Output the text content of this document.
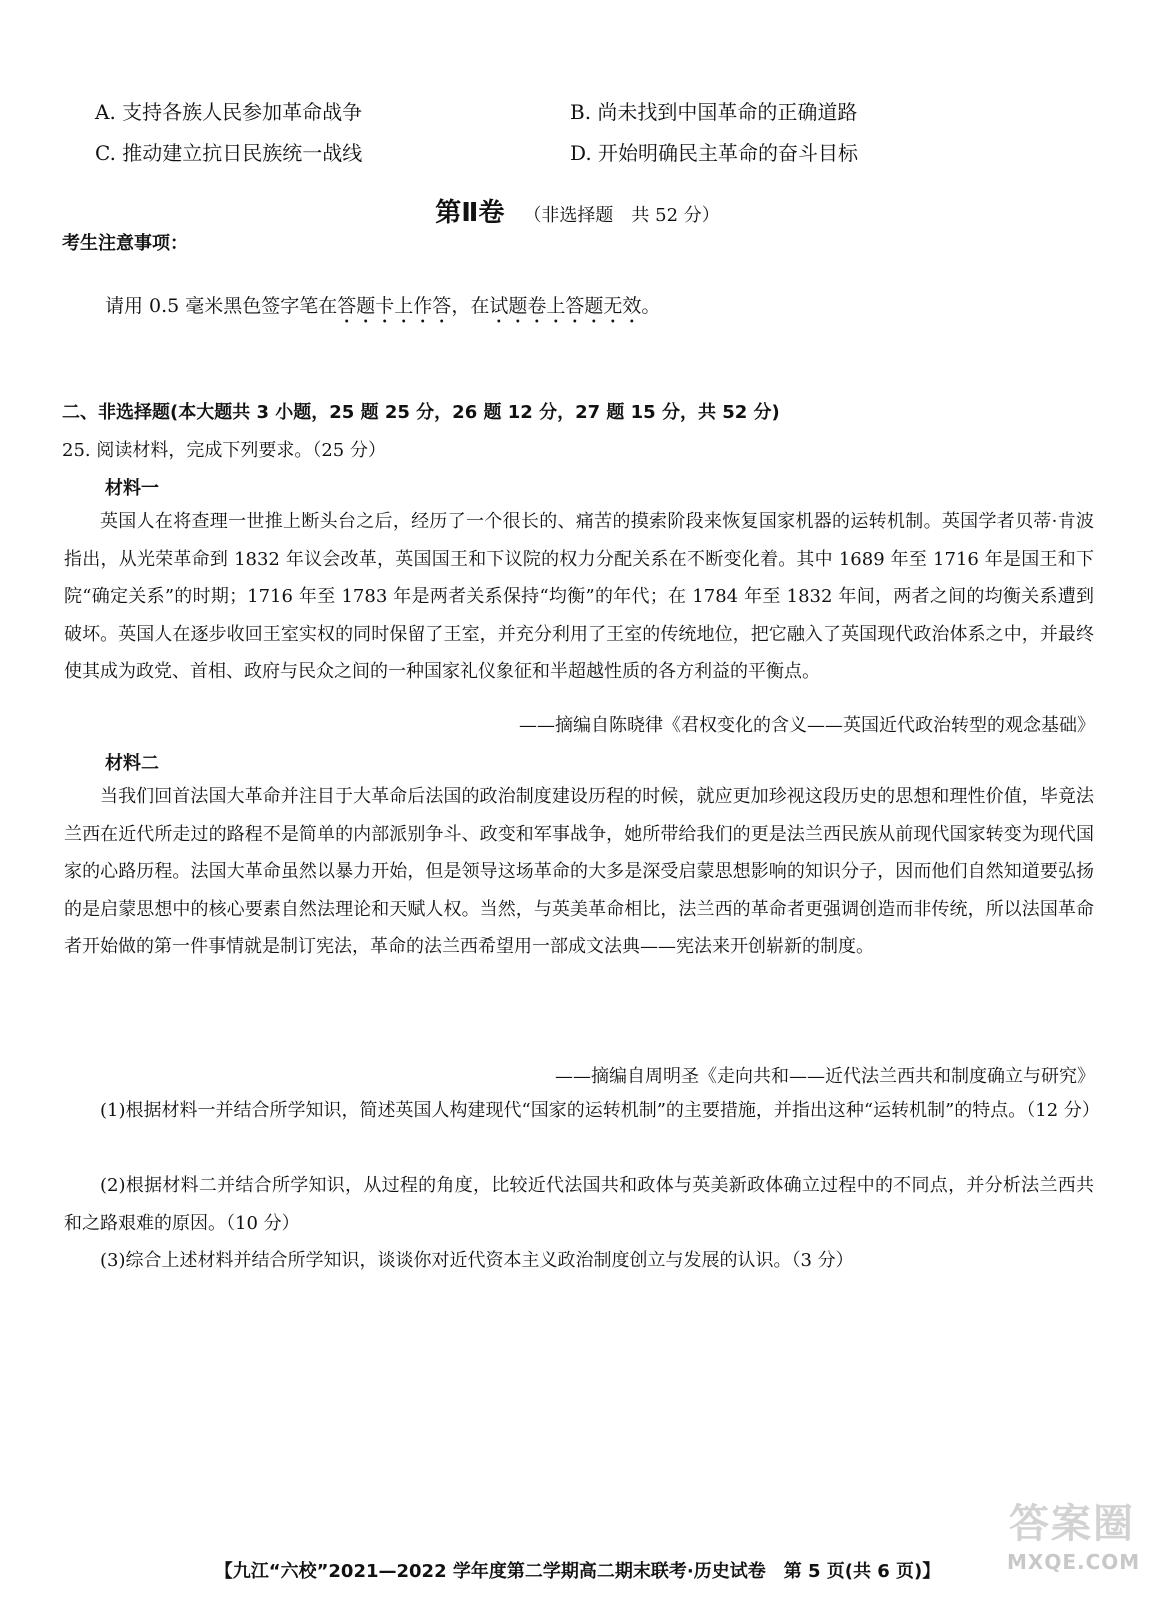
A. 支持各族人民参加革命战争	B. 尚未找到中国革命的正确道路
C. 推动建立抗日民族统一战线	D. 开始明确民主革命的奋斗目标
第Ⅱ卷 （非选择题　共 52 分）
考生注意事项：
请用 0.5 毫米黑色签字笔在答题卡上作答，在试题卷上答题无效。
二、非选择题(本大题共 3 小题，25 题 25 分，26 题 12 分，27 题 15 分，共 52 分)
25. 阅读材料，完成下列要求。（25 分）
材料一

英国人在将查理一世推上断头台之后，经历了一个很长的、痛苦的摸索阶段来恢复国家机器的运转机制。英国学者贝蒂·肯波指出，从光荣革命到 1832 年议会改革，英国国王和下议院的权力分配关系在不断变化着。其中 1689 年至 1716 年是国王和下院“确定关系”的时期；1716 年至 1783 年是两者关系保持“均衡”的年代；在 1784 年至 1832 年间，两者之间的均衡关系遭到破坏。英国人在逐步收回王室实权的同时保留了王室，并充分利用了王室的传统地位，把它融入了英国现代政治体系之中，并最终使其成为政党、首相、政府与民众之间的一种国家礼仪象征和半超越性质的各方利益的平衡点。

——摘编自陈晓律《君权变化的含义——英国近代政治转型的观念基础》
材料二

当我们回首法国大革命并注目于大革命后法国的政治制度建设历程的时候，就应更加珍视这段历史的思想和理性价值，毕竟法兰西在近代所走过的路程不是简单的内部派别争斗、政变和军事战争，她所带给我们的更是法兰西民族从前现代国家转变为现代国家的心路历程。法国大革命虽然以暴力开始，但是领导这场革命的大多是深受启蒙思想影响的知识分子，因而他们自然知道要弘扬的是启蒙思想中的核心要素自然法理论和天赋人权。当然，与英美革命相比，法兰西的革命者更强调创造而非传统，所以法国革命者开始做的第一件事情就是制订宪法，革命的法兰西希望用一部成文法典——宪法来开创崭新的制度。

——摘编自周明圣《走向共和——近代法兰西共和制度确立与研究》

(1)根据材料一并结合所学知识，简述英国人构建现代“国家的运转机制”的主要措施，并指出这种“运转机制”的特点。（12 分）

(2)根据材料二并结合所学知识，从过程的角度，比较近代法国共和政体与英美新政体确立过程中的不同点，并分析法兰西共和之路艰难的原因。（10 分）

(3)综合上述材料并结合所学知识，谈谈你对近代资本主义政治制度创立与发展的认识。（3 分）

【九江“六校”2021—2022 学年度第二学期高二期末联考·历史试卷　第 5 页(共 6 页)】
答案圈
MXQE.COM
